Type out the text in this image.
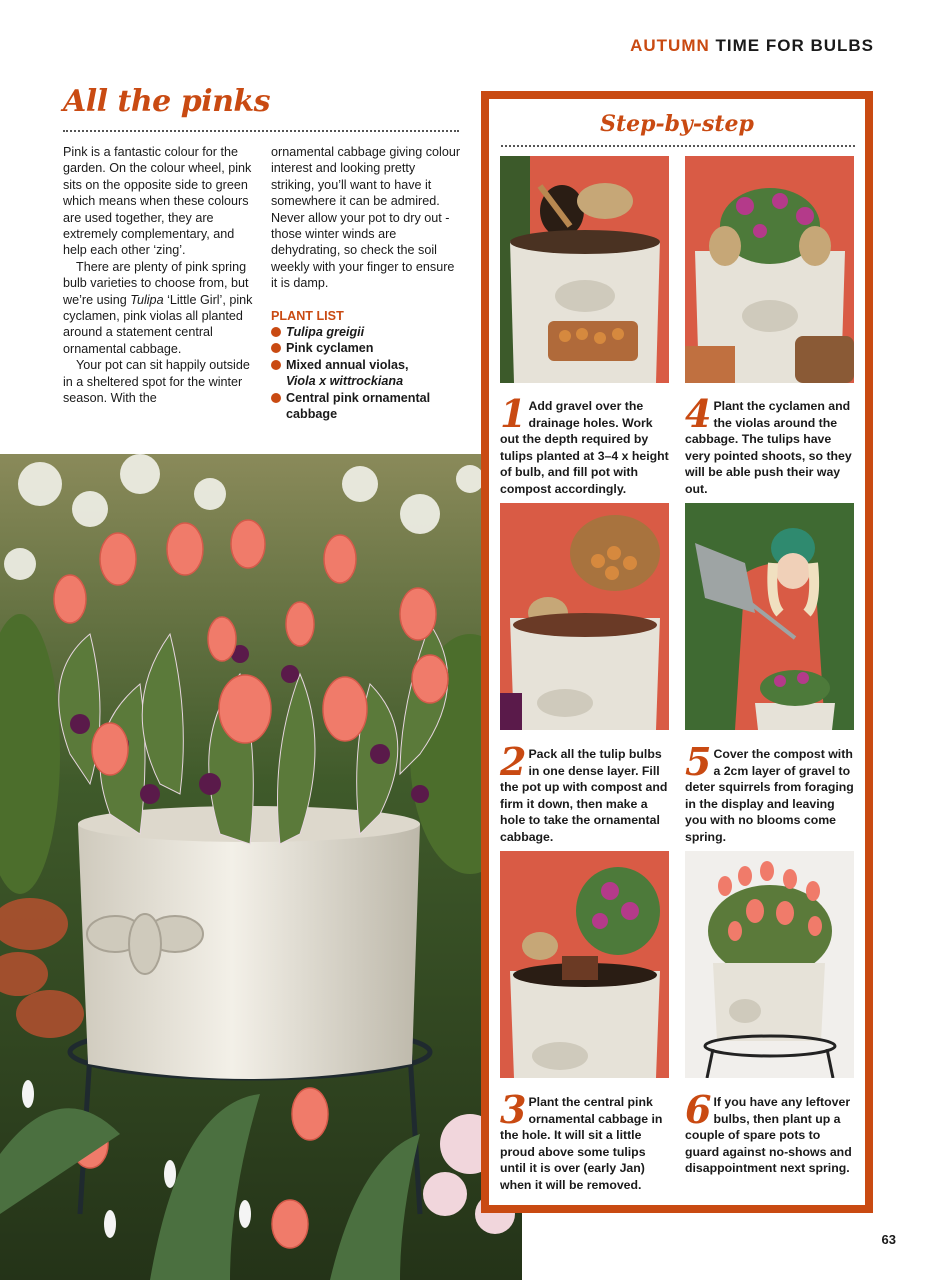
AUTUMN TIME FOR BULBS
All the pinks

Pink is a fantastic colour for the garden. On the colour wheel, pink sits on the opposite side to green which means when these colours are used together, they are extremely complementary, and help each other ‘zing’.

There are plenty of pink spring bulb varieties to choose from, but we’re using Tulipa ‘Little Girl’, pink cyclamen, pink violas all planted around a statement central ornamental cabbage.

Your pot can sit happily outside in a sheltered spot for the winter season. With the

ornamental cabbage giving colour interest and looking pretty striking, you’ll want to have it somewhere it can be admired. Never allow your pot to dry out - those winter winds are dehydrating, so check the soil weekly with your finger to ensure it is damp.

PLANT LIST
Tulipa greigii
Pink cyclamen
Mixed annual violas,
Viola x wittrockiana
Central pink ornamental cabbage
Step-by-step
1 Add gravel over the drainage holes. Work out the depth required by tulips planted at 3–4 x height of bulb, and fill pot with compost accordingly.
4 Plant the cyclamen and the violas around the cabbage. The tulips have very pointed shoots, so they will be able push their way out.
2 Pack all the tulip bulbs in one dense layer. Fill the pot up with compost and firm it down, then make a hole to take the ornamental cabbage.
5 Cover the compost with a 2cm layer of gravel to deter squirrels from foraging in the display and leaving you with no blooms come spring.
3 Plant the central pink ornamental cabbage in the hole. It will sit a little proud above some tulips until it is over (early Jan) when it will be removed.
6 If you have any leftover bulbs, then plant up a couple of spare pots to guard against no-shows and disappointment next spring.
63
